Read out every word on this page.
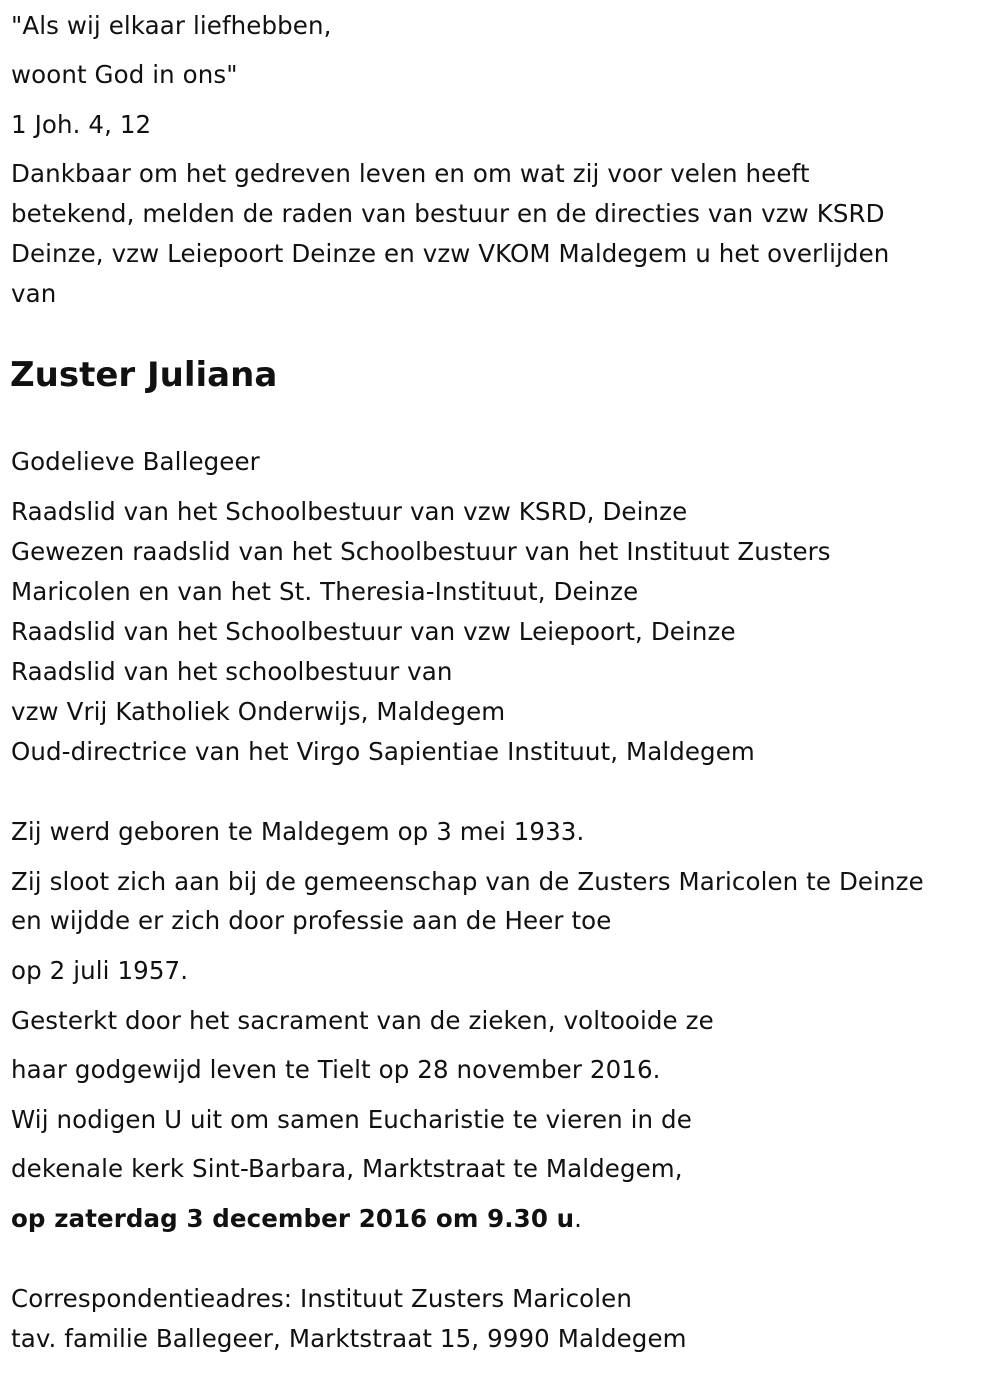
"Als wij elkaar liefhebben,

woont God in ons"

1 Joh. 4, 12

Dankbaar om het gedreven leven en om wat zij voor velen heeft

betekend, melden de raden van bestuur en de directies van vzw KSRD

Deinze, vzw Leiepoort Deinze en vzw VKOM Maldegem u het overlijden

van

Zuster Juliana

Godelieve Ballegeer

Raadslid van het Schoolbestuur van vzw KSRD, Deinze

Gewezen raadslid van het Schoolbestuur van het Instituut Zusters

Maricolen en van het St. Theresia-Instituut, Deinze

Raadslid van het Schoolbestuur van vzw Leiepoort, Deinze

Raadslid van het schoolbestuur van

vzw Vrij Katholiek Onderwijs, Maldegem

Oud-directrice van het Virgo Sapientiae Instituut, Maldegem

Zij werd geboren te Maldegem op 3 mei 1933.

Zij sloot zich aan bij de gemeenschap van de Zusters Maricolen te Deinze

en wijdde er zich door professie aan de Heer toe

op 2 juli 1957.

Gesterkt door het sacrament van de zieken, voltooide ze

haar godgewijd leven te Tielt op 28 november 2016.

Wij nodigen U uit om samen Eucharistie te vieren in de

dekenale kerk Sint-Barbara, Marktstraat te Maldegem,

op zaterdag 3 december 2016 om 9.30 u.

Correspondentieadres: Instituut Zusters Maricolen

tav. familie Ballegeer, Marktstraat 15, 9990 Maldegem
